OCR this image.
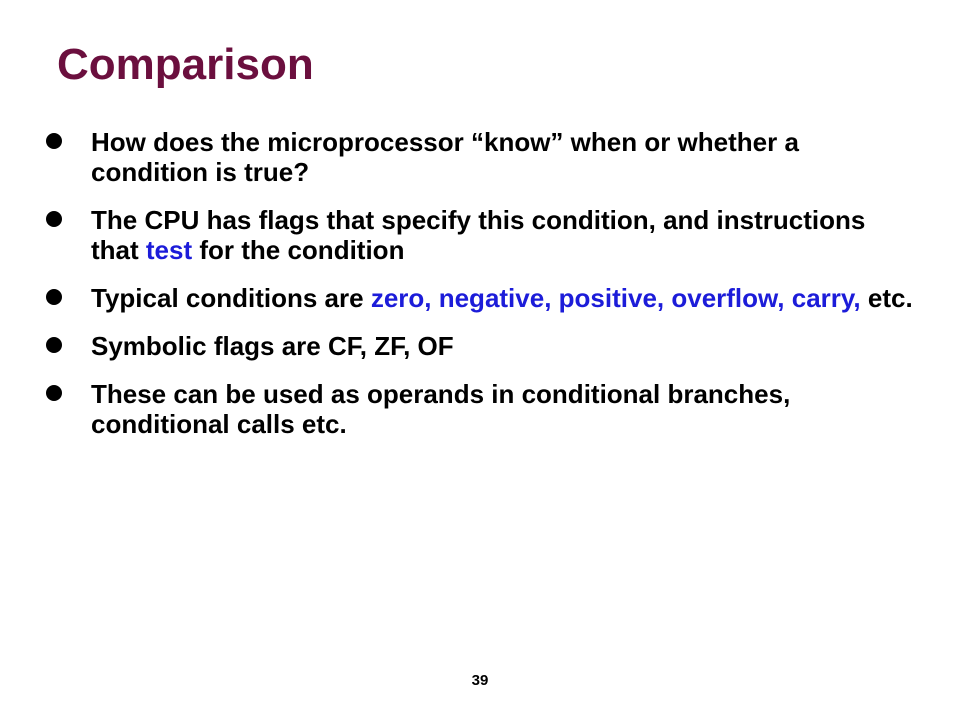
Comparison
How does the microprocessor “know” when or whether a condition is true?
The CPU has flags that specify this condition, and instructions that test for the condition
Typical conditions are zero, negative, positive, overflow, carry, etc.
Symbolic flags are CF, ZF, OF
These can be used as operands in conditional branches, conditional calls etc.
39
